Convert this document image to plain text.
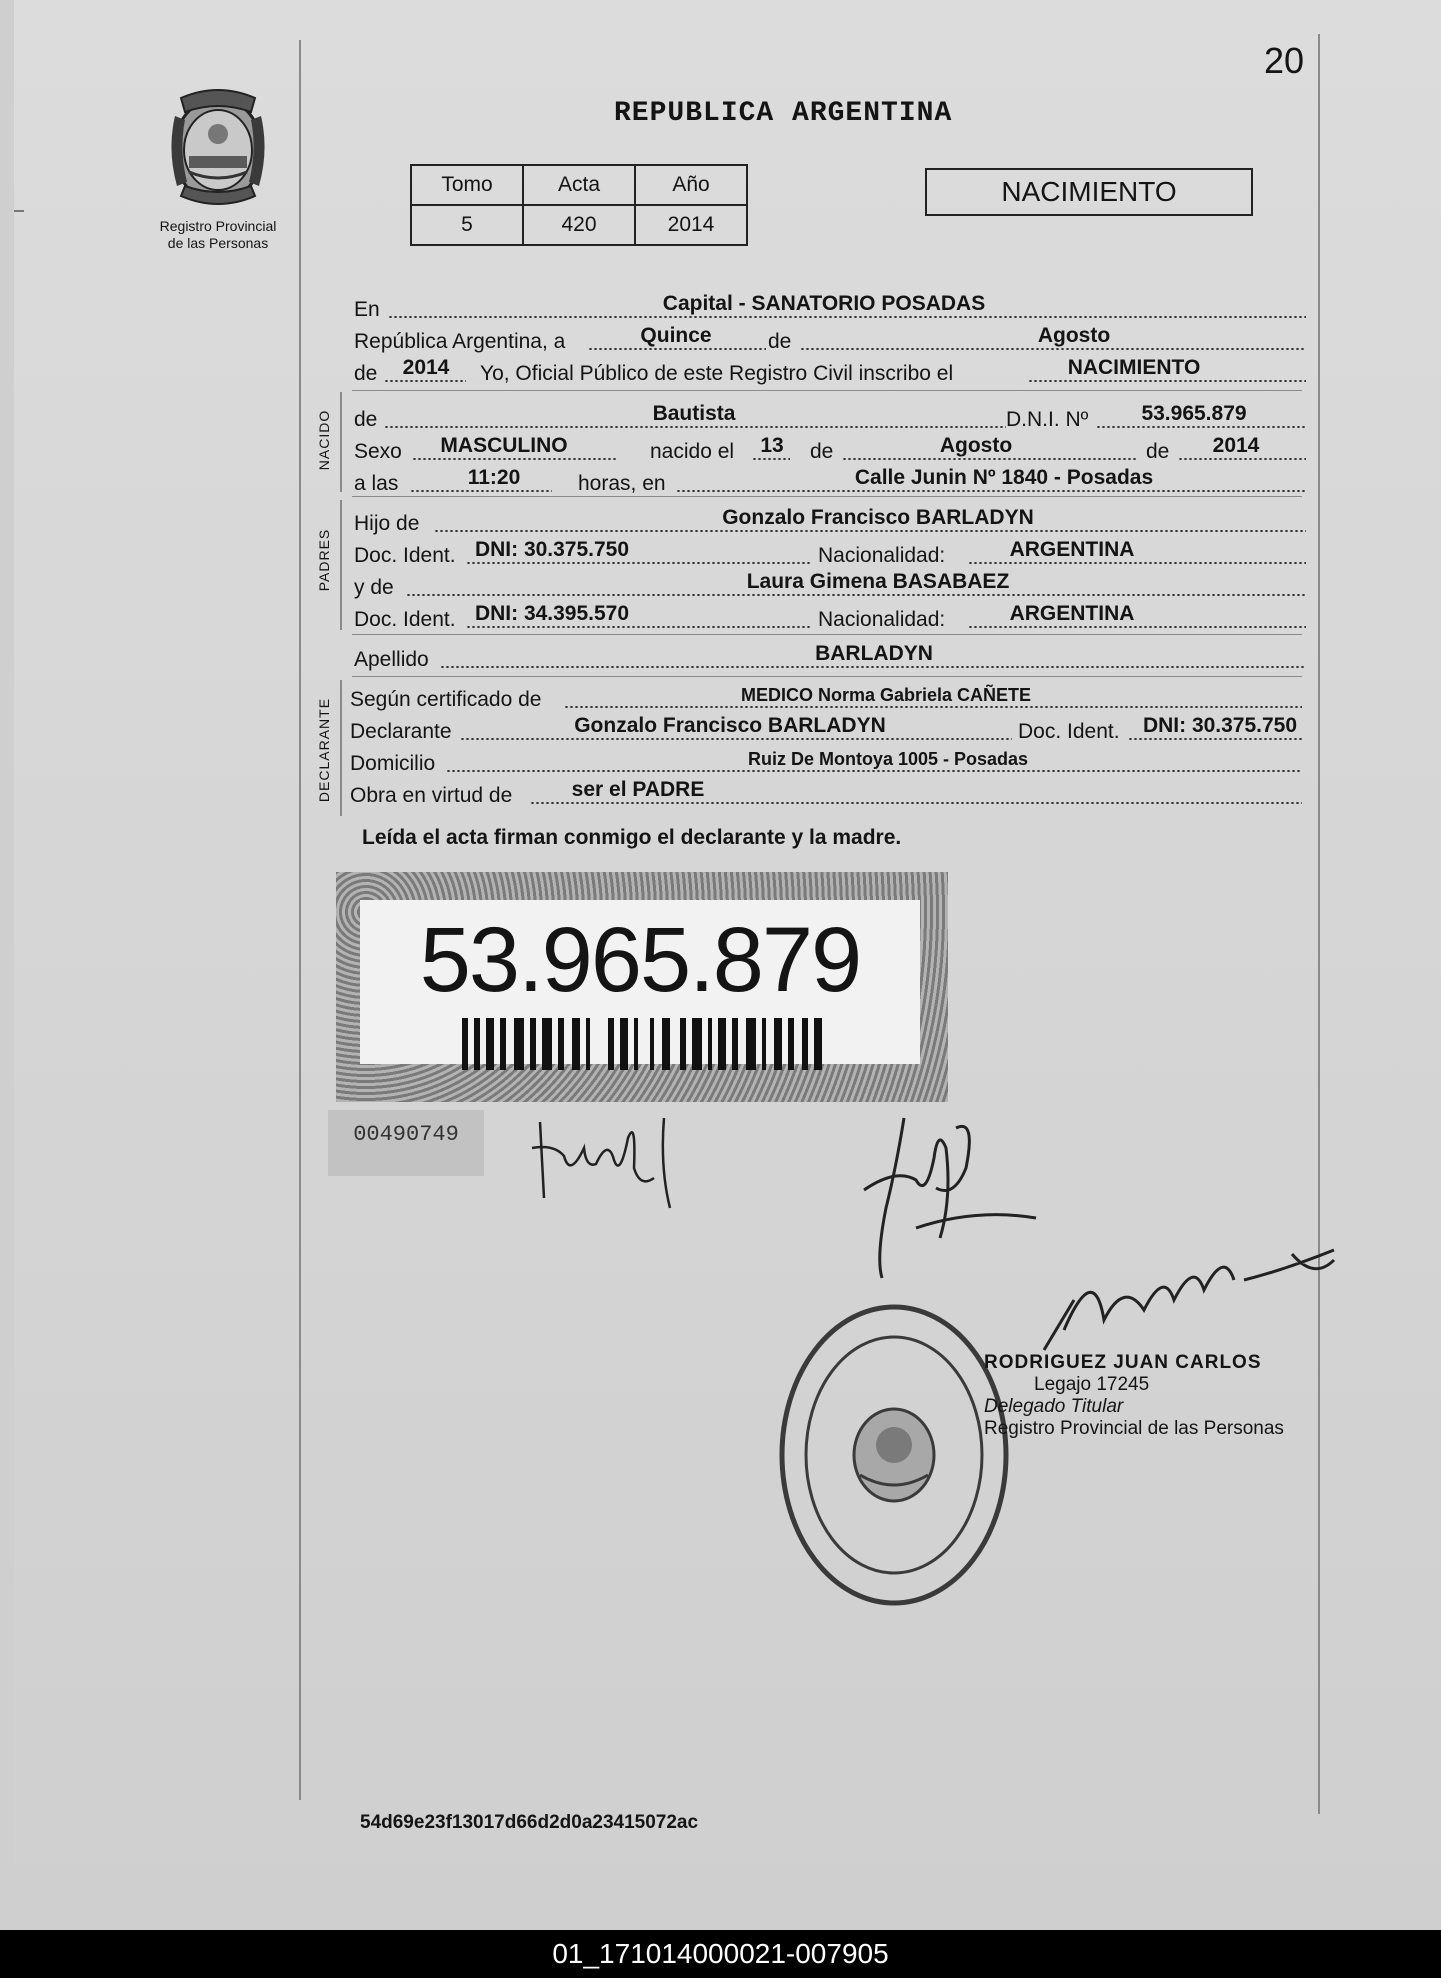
20
Registro Provincial
de las Personas
REPUBLICA ARGENTINA
Tomo	Acta	Año
5	420	2014
NACIMIENTO
En	Capital - SANATORIO POSADAS
República Argentina, a	Quince	de	Agosto
de 2014 Yo, Oficial Público de este Registro Civil inscribo el	NACIMIENTO
NACIDO de	Bautista	D.N.I. Nº	53.965.879
Sexo MASCULINO	nacido el 13 de	Agosto	de 2014
a las	11:20	horas, en	Calle Junin Nº 1840 - Posadas
PADRES
Hijo de	Gonzalo Francisco BARLADYN
Doc. Ident. DNI: 30.375.750	Nacionalidad:	ARGENTINA
y de	Laura Gimena BASABAEZ
Doc. Ident. DNI: 34.395.570	Nacionalidad:	ARGENTINA
Apellido	BARLADYN
DECLARANTE Según certificado de	MEDICO Norma Gabriela CAÑETE
Declarante	Gonzalo Francisco BARLADYN	Doc. Ident. DNI: 30.375.750
Domicilio	Ruiz De Montoya 1005 - Posadas
Obra en virtud de	ser el PADRE
Leída el acta firman conmigo el declarante y la madre.
53.965.879
00490749
RODRIGUEZ JUAN CARLOS
Legajo 17245
Delegado Titular
Registro Provincial de las Personas
54d69e23f13017d66d2d0a23415072ac
01_171014000021-007905
